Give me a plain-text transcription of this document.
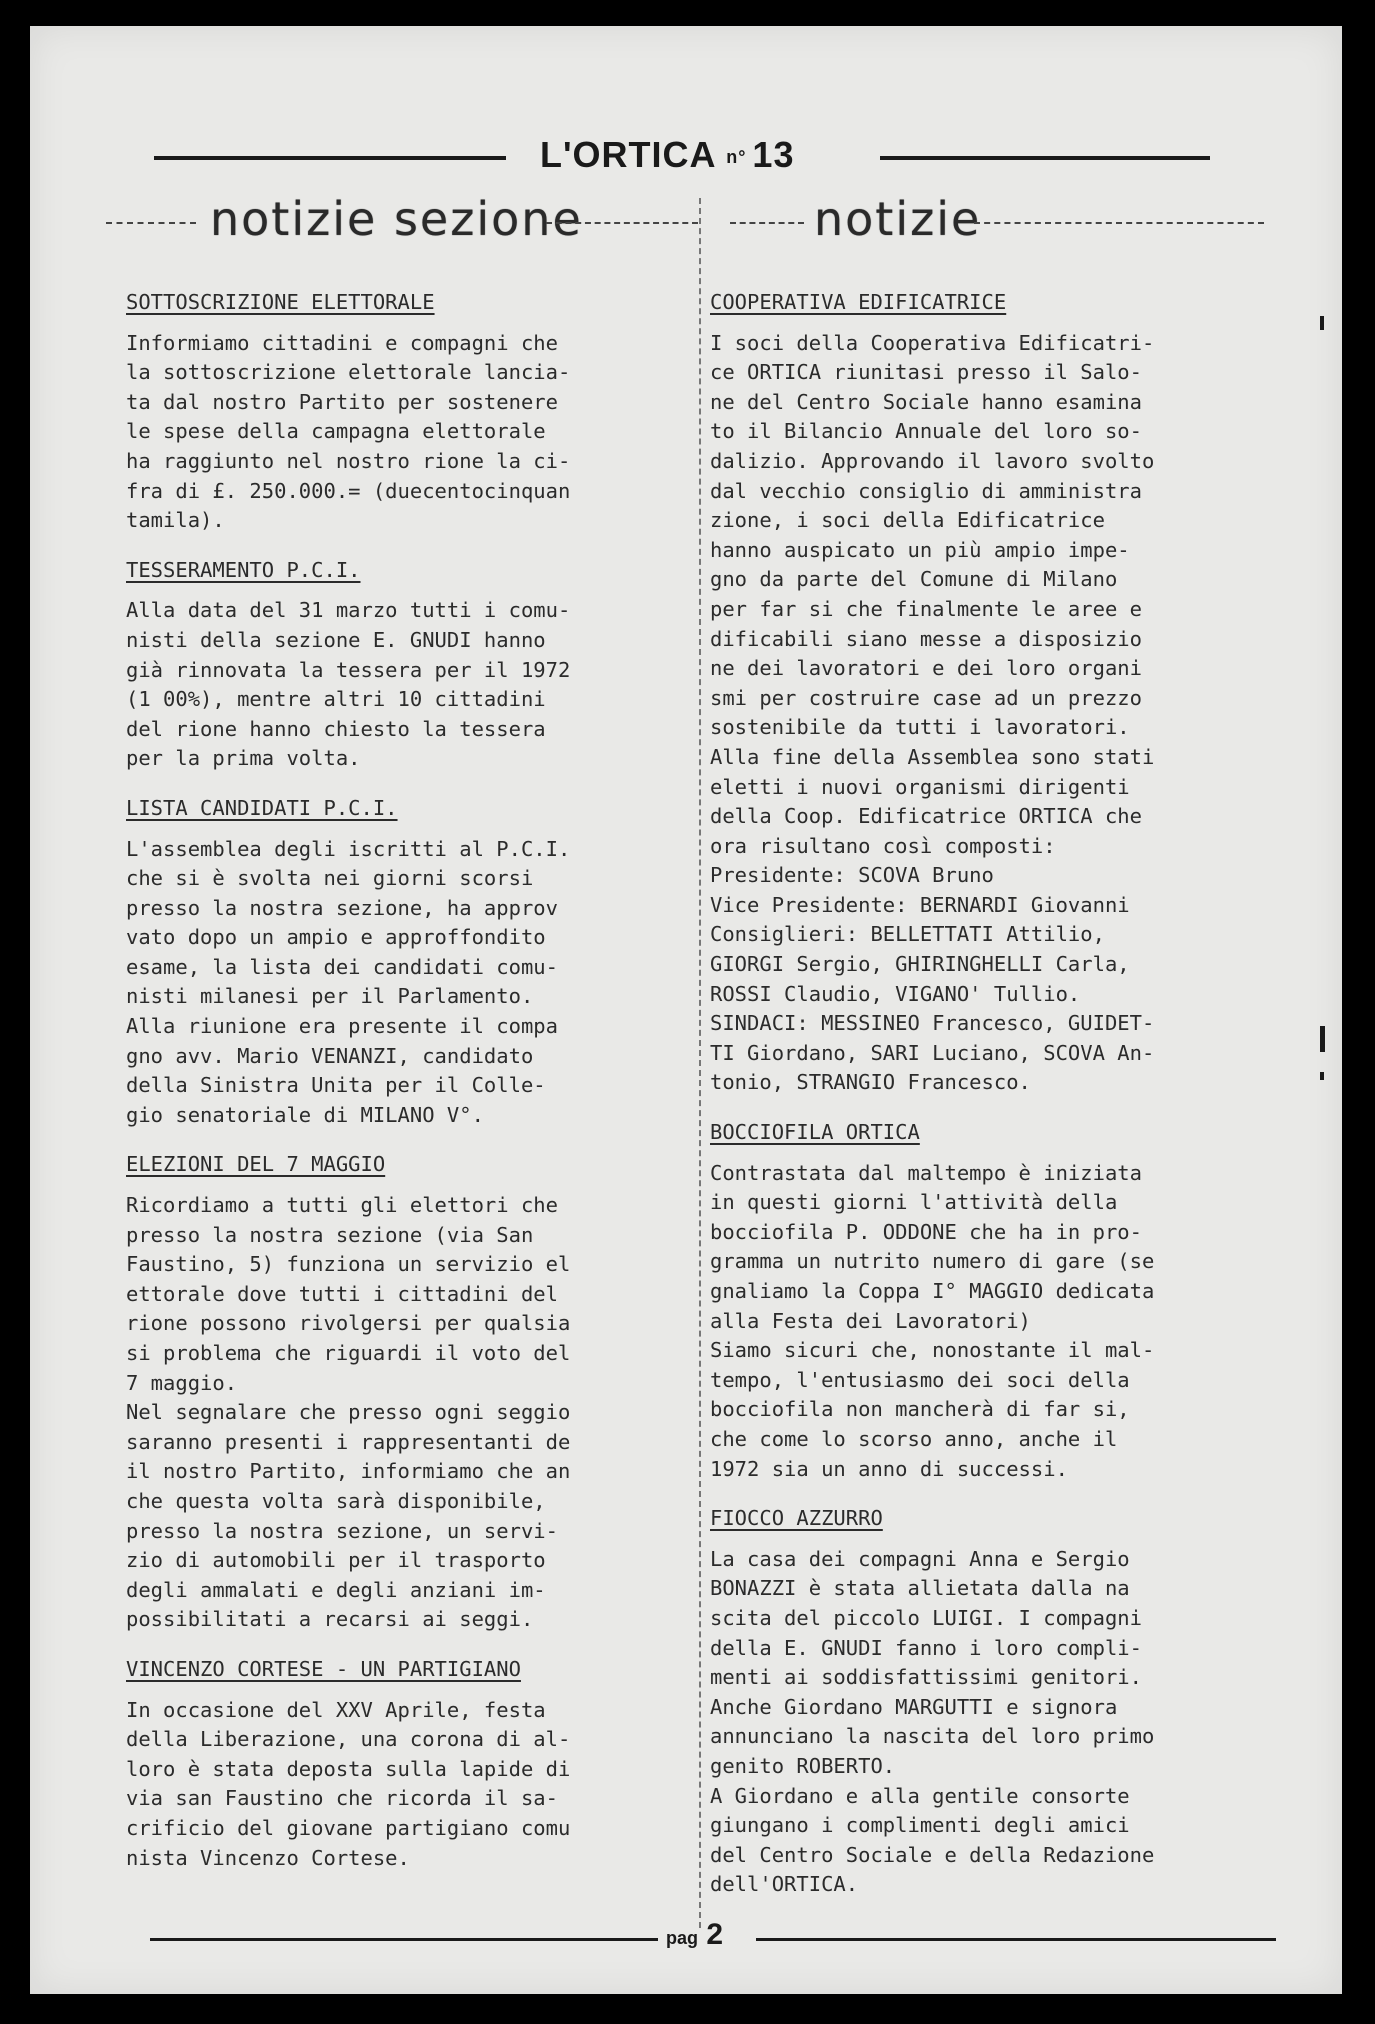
L'ORTICA n° 13
notizie sezione	notizie
SOTTOSCRIZIONE ELETTORALE
Informiamo cittadini e compagni che
la sottoscrizione elettorale lancia-
ta dal nostro Partito per sostenere
le spese della campagna elettorale
ha raggiunto nel nostro rione la ci-
fra di £. 250.000.= (duecentocinquan
tamila).
TESSERAMENTO P.C.I.
Alla data del 31 marzo tutti i comu-
nisti della sezione E. GNUDI hanno
già rinnovata la tessera per il 1972
(1 00%), mentre altri 10 cittadini
del rione hanno chiesto la tessera
per la prima volta.
LISTA CANDIDATI P.C.I.
L'assemblea degli iscritti al P.C.I.
che si è svolta nei giorni scorsi
presso la nostra sezione, ha approv
vato dopo un ampio e approffondito
esame, la lista dei candidati comu-
nisti milanesi per il Parlamento.
Alla riunione era presente il compa
gno avv. Mario VENANZI, candidato
della Sinistra Unita per il Colle-
gio senatoriale di MILANO V°.
ELEZIONI DEL 7 MAGGIO
Ricordiamo a tutti gli elettori che
presso la nostra sezione (via San
Faustino, 5) funziona un servizio el
ettorale dove tutti i cittadini del
rione possono rivolgersi per qualsia
si problema che riguardi il voto del
7 maggio.
Nel segnalare che presso ogni seggio
saranno presenti i rappresentanti de
il nostro Partito, informiamo che an
che questa volta sarà disponibile,
presso la nostra sezione, un servi-
zio di automobili per il trasporto
degli ammalati e degli anziani im-
possibilitati a recarsi ai seggi.
VINCENZO CORTESE - UN PARTIGIANO
In occasione del XXV Aprile, festa
della Liberazione, una corona di al-
loro è stata deposta sulla lapide di
via san Faustino che ricorda il sa-
crificio del giovane partigiano comu
nista Vincenzo Cortese.
COOPERATIVA EDIFICATRICE
I soci della Cooperativa Edificatri-
ce ORTICA riunitasi presso il Salo-
ne del Centro Sociale hanno esamina
to il Bilancio Annuale del loro so-
dalizio. Approvando il lavoro svolto
dal vecchio consiglio di amministra
zione, i soci della Edificatrice
hanno auspicato un più ampio impe-
gno da parte del Comune di Milano
per far si che finalmente le aree e
dificabili siano messe a disposizio
ne dei lavoratori e dei loro organi
smi per costruire case ad un prezzo
sostenibile da tutti i lavoratori.
Alla fine della Assemblea sono stati
eletti i nuovi organismi dirigenti
della Coop. Edificatrice ORTICA che
ora risultano così composti:
Presidente: SCOVA Bruno
Vice Presidente: BERNARDI Giovanni
Consiglieri: BELLETTATI Attilio,
GIORGI Sergio, GHIRINGHELLI Carla,
ROSSI Claudio, VIGANO' Tullio.
SINDACI: MESSINEO Francesco, GUIDET-
TI Giordano, SARI Luciano, SCOVA An-
tonio, STRANGIO Francesco.
BOCCIOFILA ORTICA
Contrastata dal maltempo è iniziata
in questi giorni l'attività della
bocciofila P. ODDONE che ha in pro-
gramma un nutrito numero di gare (se
gnaliamo la Coppa I° MAGGIO dedicata
alla Festa dei Lavoratori)
Siamo sicuri che, nonostante il mal-
tempo, l'entusiasmo dei soci della
bocciofila non mancherà di far si,
che come lo scorso anno, anche il
1972 sia un anno di successi.
FIOCCO AZZURRO
La casa dei compagni Anna e Sergio
BONAZZI è stata allietata dalla na
scita del piccolo LUIGI. I compagni
della E. GNUDI fanno i loro compli-
menti ai soddisfattissimi genitori.
Anche Giordano MARGUTTI e signora
annunciano la nascita del loro primo
genito ROBERTO.
A Giordano e alla gentile consorte
giungano i complimenti degli amici
del Centro Sociale e della Redazione
dell'ORTICA.
pag 2
